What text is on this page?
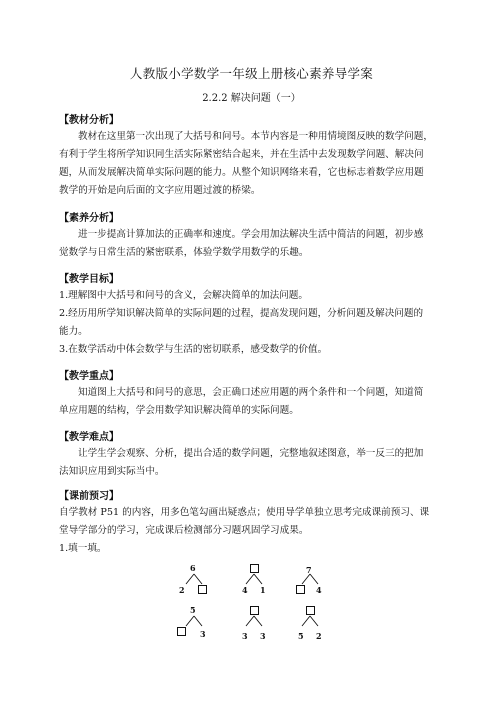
人教版小学数学一年级上册核心素养导学案
2.2.2 解决问题（一）
【教材分析】
教材在这里第一次出现了大括号和问号。本节内容是一种用情境图反映的数学问题，
有利于学生将所学知识同生活实际紧密结合起来，并在生活中去发现数学问题、解决问
题，从而发展解决简单实际问题的能力。从整个知识网络来看，它也标志着数学应用题
教学的开始是向后面的文字应用题过渡的桥梁。
【素养分析】
进一步提高计算加法的正确率和速度。学会用加法解决生活中简洁的问题，初步感
觉数学与日常生活的紧密联系，体验学数学用数学的乐趣。
【教学目标】
1.理解图中大括号和问号的含义，会解决简单的加法问题。
2.经历用所学知识解决简单的实际问题的过程，提高发现问题，分析问题及解决问题的
能力。
3.在数学活动中体会数学与生活的密切联系，感受数学的价值。
【教学重点】
知道图上大括号和问号的意思，会正确口述应用题的两个条件和一个问题，知道简
单应用题的结构，学会用数学知识解决简单的实际问题。
【教学难点】
让学生学会观察、分析，提出合适的数学问题，完整地叙述图意，举一反三的把加
法知识应用到实际当中。
【课前预习】
自学教材 P51 的内容，用多色笔勾画出疑惑点；使用导学单独立思考完成课前预习、课
堂导学部分的学习，完成课后检测部分习题巩固学习成果。
1.填一填。
6
2	4 1
7
4
5
3	3 3	5 2
